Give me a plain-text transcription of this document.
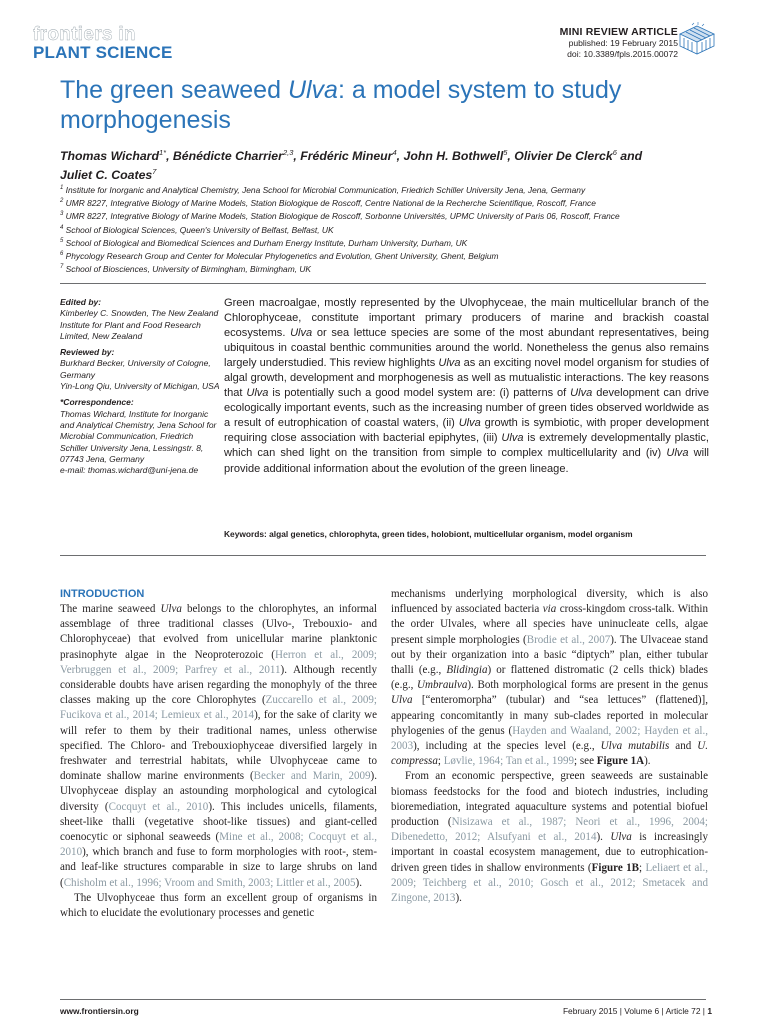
frontiers in
PLANT SCIENCE
MINI REVIEW ARTICLE
published: 19 February 2015
doi: 10.3389/fpls.2015.00072
The green seaweed Ulva: a model system to study morphogenesis
Thomas Wichard$^{1*}$, Bénédicte Charrier$^{2,3}$, Frédéric Mineur$^4$, John H. Bothwell$^5$, Olivier De Clerck$^6$ and
Juliet C. Coates$^7$
$^1$ Institute for Inorganic and Analytical Chemistry, Jena School for Microbial Communication, Friedrich Schiller University Jena, Jena, Germany
$^2$ UMR 8227, Integrative Biology of Marine Models, Station Biologique de Roscoff, Centre National de la Recherche Scientifique, Roscoff, France
$^3$ UMR 8227, Integrative Biology of Marine Models, Station Biologique de Roscoff, Sorbonne Universités, UPMC University of Paris 06, Roscoff, France
$^4$ School of Biological Sciences, Queen's University of Belfast, Belfast, UK
$^5$ School of Biological and Biomedical Sciences and Durham Energy Institute, Durham University, Durham, UK
$^6$ Phycology Research Group and Center for Molecular Phylogenetics and Evolution, Ghent University, Ghent, Belgium
$^7$ School of Biosciences, University of Birmingham, Birmingham, UK
Edited by:
Kimberley C. Snowden, The New Zealand Institute for Plant and Food Research Limited, New Zealand
Reviewed by:
Burkhard Becker, University of Cologne, Germany
Yin-Long Qiu, University of Michigan, USA
*Correspondence:
Thomas Wichard, Institute for Inorganic and Analytical Chemistry, Jena School for Microbial Communication, Friedrich Schiller University Jena, Lessingstr. 8, 07743 Jena, Germany
e-mail: thomas.wichard@uni-jena.de
Green macroalgae, mostly represented by the Ulvophyceae, the main multicellular branch of the Chlorophyceae, constitute important primary producers of marine and brackish coastal ecosystems. Ulva or sea lettuce species are some of the most abundant representatives, being ubiquitous in coastal benthic communities around the world. Nonetheless the genus also remains largely understudied. This review highlights Ulva as an exciting novel model organism for studies of algal growth, development and morphogenesis as well as mutualistic interactions. The key reasons that Ulva is potentially such a good model system are: (i) patterns of Ulva development can drive ecologically important events, such as the increasing number of green tides observed worldwide as a result of eutrophication of coastal waters, (ii) Ulva growth is symbiotic, with proper development requiring close association with bacterial epiphytes, (iii) Ulva is extremely developmentally plastic, which can shed light on the transition from simple to complex multicellularity and (iv) Ulva will provide additional information about the evolution of the green lineage.
Keywords: algal genetics, chlorophyta, green tides, holobiont, multicellular organism, model organism
INTRODUCTION

The marine seaweed Ulva belongs to the chlorophytes, an informal assemblage of three traditional classes (Ulvo-, Trebouxio- and Chlorophyceae) that evolved from unicellular marine planktonic prasinophyte algae in the Neoproterozoic (Herron et al., 2009; Verbruggen et al., 2009; Parfrey et al., 2011). Although recently considerable doubts have arisen regarding the monophyly of the three classes making up the core Chlorophytes (Zuccarello et al., 2009; Fucikova et al., 2014; Lemieux et al., 2014), for the sake of clarity we will refer to them by their traditional names, unless otherwise specified. The Chloro- and Trebouxiophyceae diversified largely in freshwater and terrestrial habitats, while Ulvophyceae came to dominate shallow marine environments (Becker and Marin, 2009). Ulvophyceae display an astounding morphological and cytological diversity (Cocquyt et al., 2010). This includes unicells, filaments, sheet-like thalli (vegetative shoot-like tissues) and giant-celled coenocytic or siphonal seaweeds (Mine et al., 2008; Cocquyt et al., 2010), which branch and fuse to form morphologies with root-, stem- and leaf-like structures comparable in size to large shrubs on land (Chisholm et al., 1996; Vroom and Smith, 2003; Littler et al., 2005).

The Ulvophyceae thus form an excellent group of organisms in which to elucidate the evolutionary processes and genetic

mechanisms underlying morphological diversity, which is also influenced by associated bacteria via cross-kingdom cross-talk. Within the order Ulvales, where all species have uninucleate cells, algae present simple morphologies (Brodie et al., 2007). The Ulvaceae stand out by their organization into a basic “diptych” plan, either tubular thalli (e.g., Blidingia) or flattened distromatic (2 cells thick) blades (e.g., Umbraulva). Both morphological forms are present in the genus Ulva [“enteromorpha” (tubular) and “sea lettuces” (flattened)], appearing concomitantly in many sub-clades reported in molecular phylogenies of the genus (Hayden and Waaland, 2002; Hayden et al., 2003), including at the species level (e.g., Ulva mutabilis and U. compressa; Løvlie, 1964; Tan et al., 1999; see Figure 1A).

From an economic perspective, green seaweeds are sustainable biomass feedstocks for the food and biotech industries, including bioremediation, integrated aquaculture systems and potential biofuel production (Nisizawa et al., 1987; Neori et al., 1996, 2004; Dibenedetto, 2012; Alsufyani et al., 2014). Ulva is increasingly important in coastal ecosystem management, due to eutrophication-driven green tides in shallow environments (Figure 1B; Leliaert et al., 2009; Teichberg et al., 2010; Gosch et al., 2012; Smetacek and Zingone, 2013).

www.frontiersin.org	February 2015 | Volume 6 | Article 72 | 1
